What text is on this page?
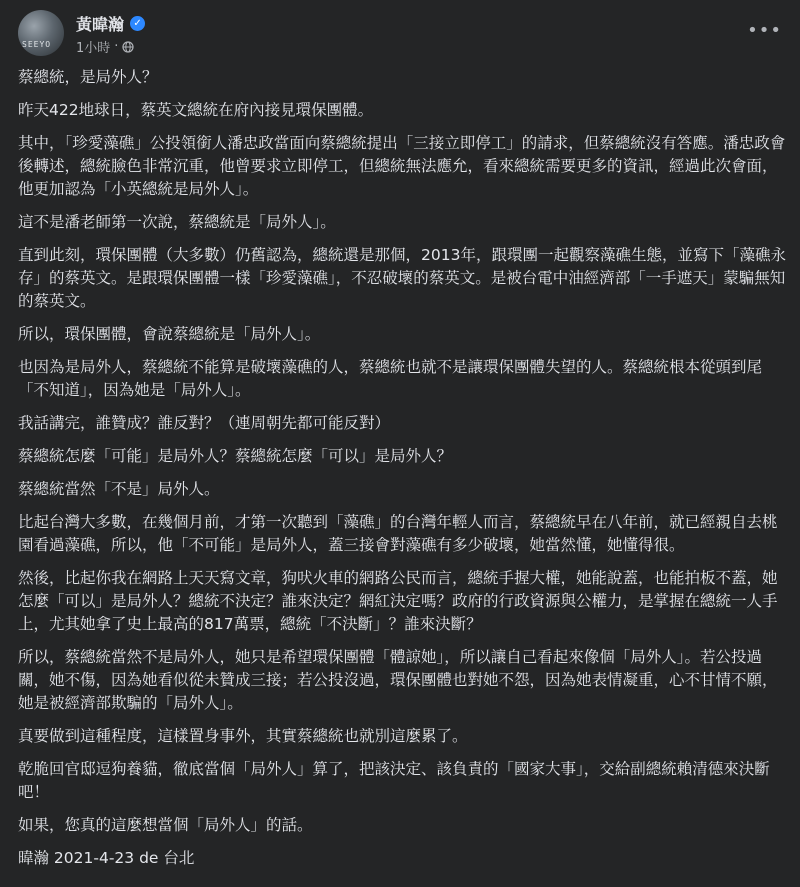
SEEYO
黃暐瀚 ✓
1小時 ·
•••

蔡總統，是局外人？

昨天422地球日，蔡英文總統在府內接見環保團體。

其中，「珍愛藻礁」公投領銜人潘忠政當面向蔡總統提出「三接立即停工」的請求，但蔡總統沒有答應。潘忠政會後轉述，總統臉色非常沉重，他曾要求立即停工，但總統無法應允，看來總統需要更多的資訊，經過此次會面，他更加認為「小英總統是局外人」。

這不是潘老師第一次說，蔡總統是「局外人」。

直到此刻，環保團體（大多數）仍舊認為，總統還是那個，2013年，跟環團一起觀察藻礁生態，並寫下「藻礁永存」的蔡英文。是跟環保團體一樣「珍愛藻礁」，不忍破壞的蔡英文。是被台電中油經濟部「一手遮天」蒙騙無知的蔡英文。

所以，環保團體，會說蔡總統是「局外人」。

也因為是局外人，蔡總統不能算是破壞藻礁的人，蔡總統也就不是讓環保團體失望的人。蔡總統根本從頭到尾「不知道」，因為她是「局外人」。

我話講完，誰贊成？誰反對？（連周朝先都可能反對）

蔡總統怎麼「可能」是局外人？蔡總統怎麼「可以」是局外人？

蔡總統當然「不是」局外人。

比起台灣大多數，在幾個月前，才第一次聽到「藻礁」的台灣年輕人而言，蔡總統早在八年前，就已經親自去桃園看過藻礁，所以，他「不可能」是局外人，蓋三接會對藻礁有多少破壞，她當然懂，她懂得很。

然後，比起你我在網路上天天寫文章，狗吠火車的網路公民而言，總統手握大權，她能說蓋，也能拍板不蓋，她怎麼「可以」是局外人？總統不決定？誰來決定？網紅決定嗎？政府的行政資源與公權力，是掌握在總統一人手上，尤其她拿了史上最高的817萬票，總統「不決斷」？誰來決斷？

所以，蔡總統當然不是局外人，她只是希望環保團體「體諒她」，所以讓自己看起來像個「局外人」。若公投過關，她不傷，因為她看似從未贊成三接；若公投沒過，環保團體也對她不怨，因為她表情凝重，心不甘情不願，她是被經濟部欺騙的「局外人」。

真要做到這種程度，這樣置身事外，其實蔡總統也就別這麼累了。

乾脆回官邸逗狗養貓，徹底當個「局外人」算了，把該決定、該負責的「國家大事」，交給副總統賴清德來決斷吧！

如果，您真的這麼想當個「局外人」的話。

暐瀚 2021-4-23 de 台北
